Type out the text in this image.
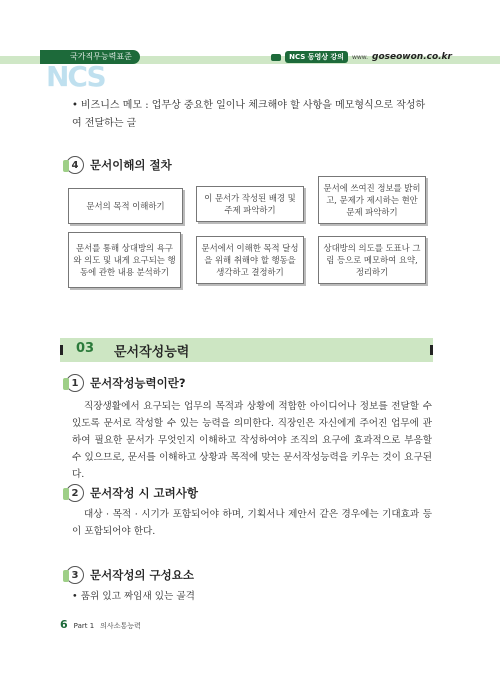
국가직무능력표준
NCS
NCS 동영상 강의	www. goseowon.co.kr
• 비즈니스 메모 : 업무상 중요한 일이나 체크해야 할 사항을 메모형식으로 작성하여 전달하는 글
4	문서이해의 절차
문서의 목적 이해하기
이 문서가 작성된 배경 및 주제 파악하기
문서에 쓰여진 정보를 밝히고, 문제가 제시하는 현안문제 파악하기
문서를 통해 상대방의 욕구와 의도 및 내게 요구되는 행동에 관한 내용 분석하기
문서에서 이해한 목적 달성을 위해 취해야 할 행동을 생각하고 결정하기
상대방의 의도를 도표나 그림 등으로 메모하여 요약, 정리하기
03 문서작성능력
1	문서작성능력이란?
직장생활에서 요구되는 업무의 목적과 상황에 적합한 아이디어나 정보를 전달할 수 있도록 문서로 작성할 수 있는 능력을 의미한다. 직장인은 자신에게 주어진 업무에 관하여 필요한 문서가 무엇인지 이해하고 작성하여야 조직의 요구에 효과적으로 부응할 수 있으므로, 문서를 이해하고 상황과 목적에 맞는 문서작성능력을 키우는 것이 요구된다.
2	문서작성 시 고려사항
대상 · 목적 · 시기가 포함되어야 하며, 기획서나 제안서 같은 경우에는 기대효과 등이 포함되어야 한다.
3	문서작성의 구성요소
• 품위 있고 짜임새 있는 골격
6 Part 1 의사소통능력
